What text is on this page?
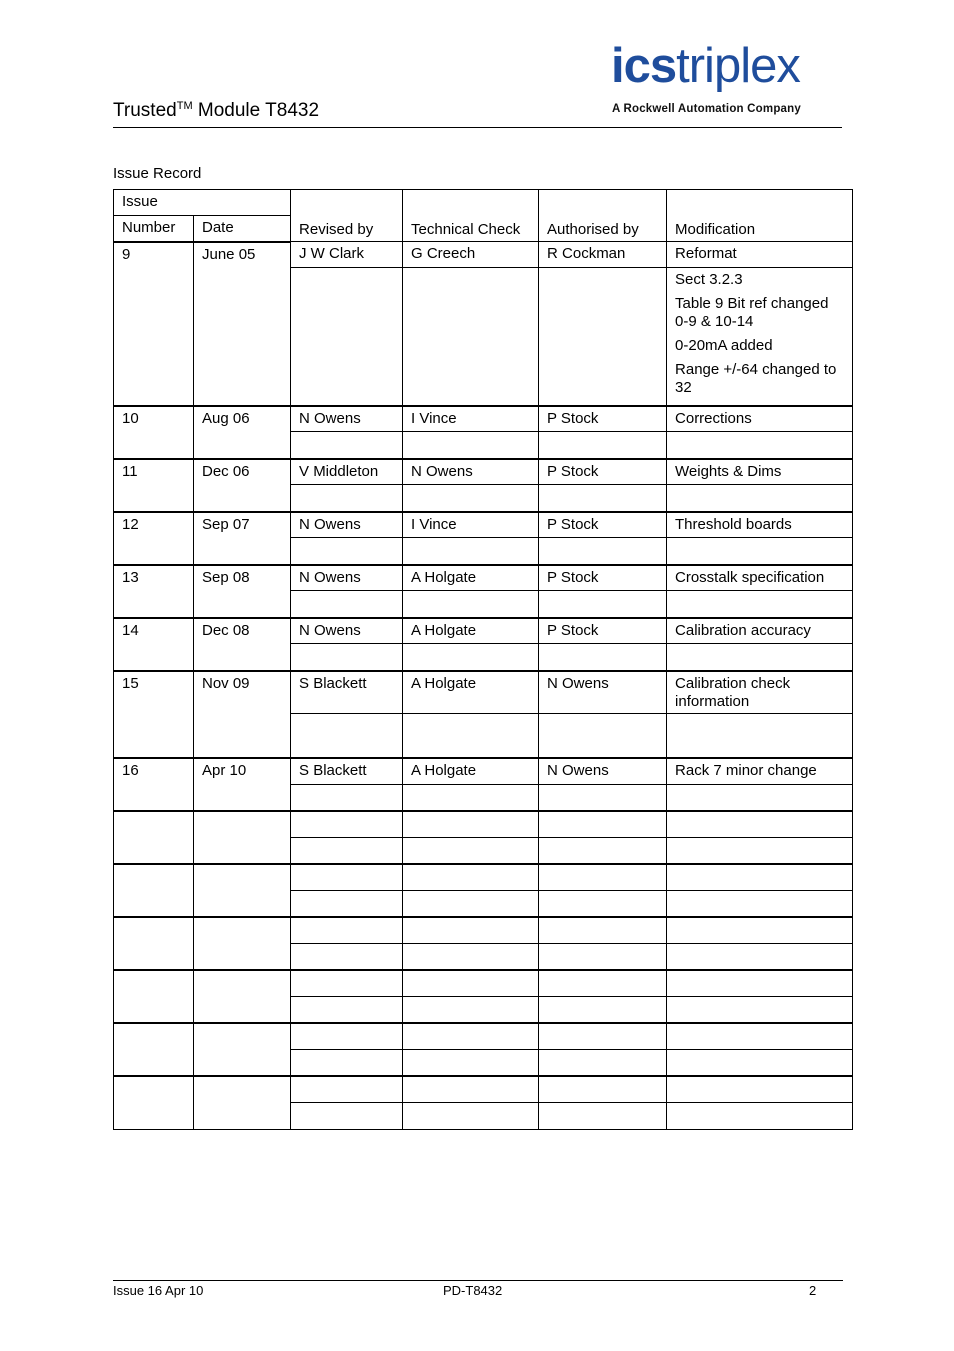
Trusted™ Module T8432
icstriplex
A Rockwell Automation Company
Issue Record
Issue		Revised by	Technical Check	Authorised by	Modification
Number	Date				
9	June 05	J W Clark	G Creech	R Cockman	Reformat

					Sect 3.2.3
Table 9 Bit ref changed 0-9 & 10-14
0-20mA added
Range +/-64 changed to 32

10	Aug 06	N Owens	I Vince	P Stock	Corrections

11	Dec 06	V Middleton	N Owens	P Stock	Weights & Dims

12	Sep 07	N Owens	I Vince	P Stock	Threshold boards

13	Sep 08	N Owens	A Holgate	P Stock	Crosstalk specification

14	Dec 08	N Owens	A Holgate	P Stock	Calibration accuracy

15	Nov 09	S Blackett	A Holgate	N Owens	Calibration check information

16	Apr 10	S Blackett	A Holgate	N Owens	Rack 7 minor change

Issue 16 Apr 10	PD-T8432	2
